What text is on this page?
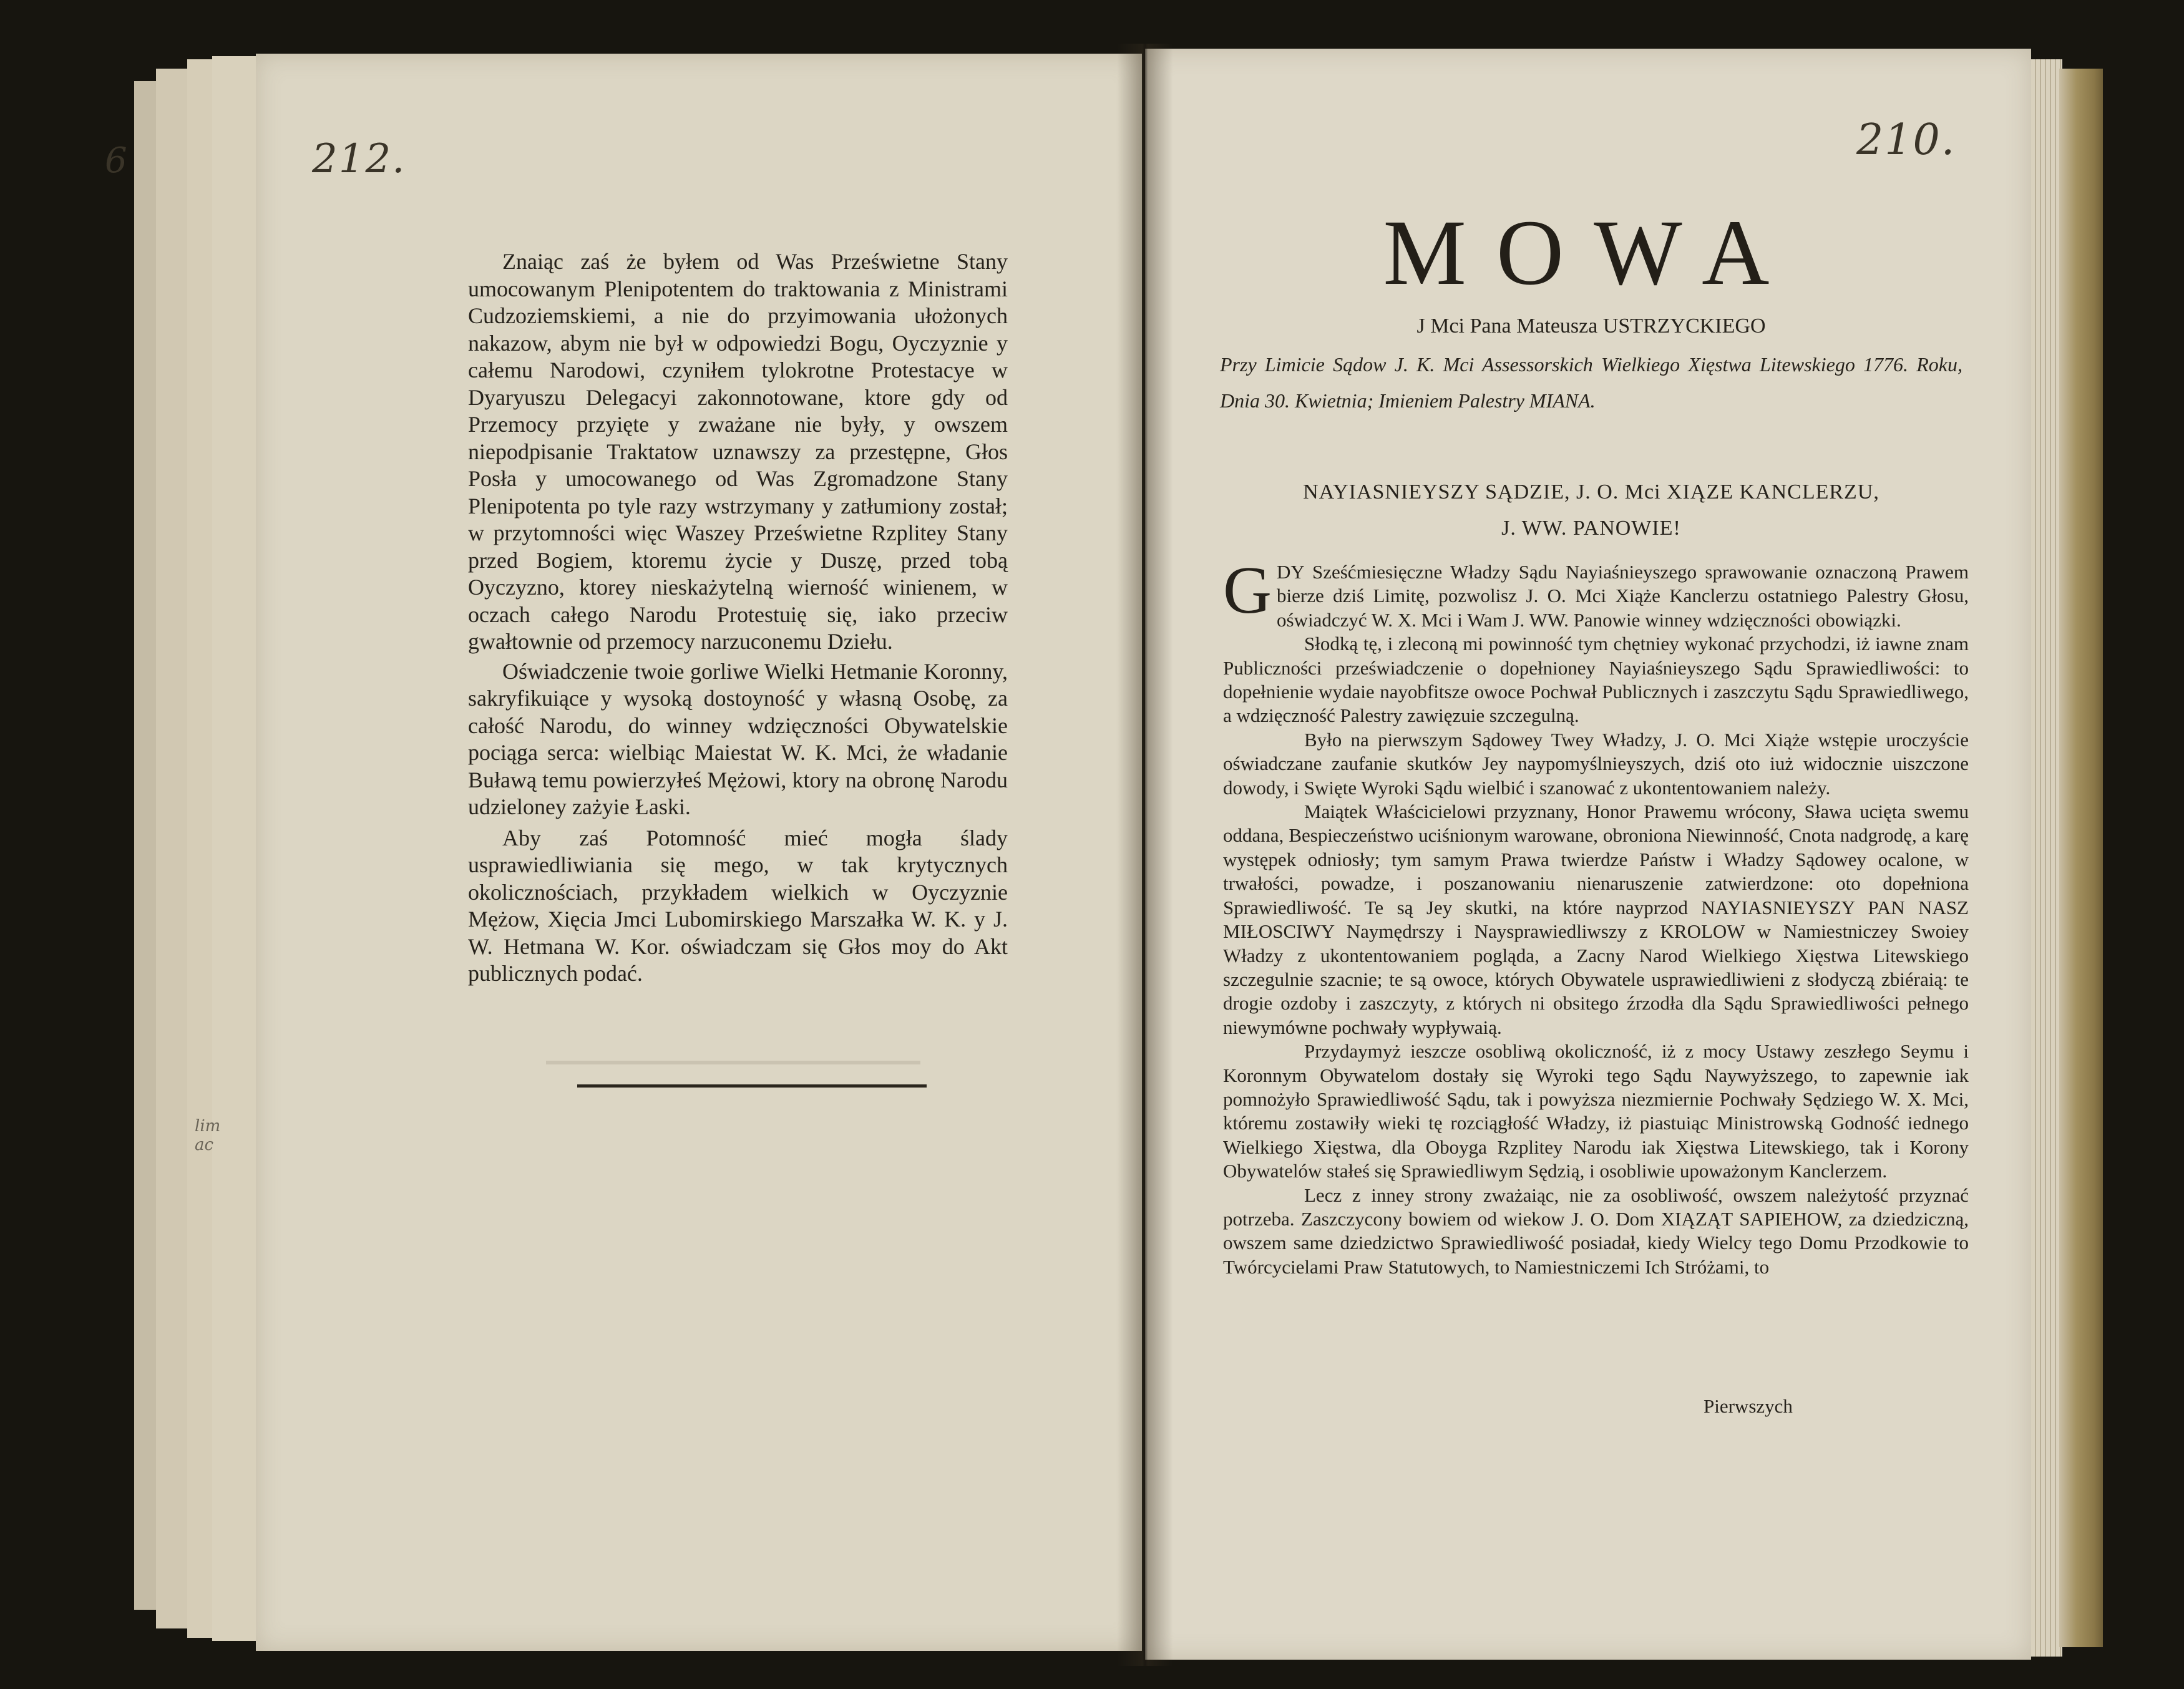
6	212.
lim
ac

Znaiąc zaś że byłem od Was Prześwietne Stany umocowanym Plenipotentem do traktowania z Ministrami Cudzoziemskiemi, a nie do przyimowania ułożonych nakazow, abym nie był w odpowiedzi Bogu, Oyczyznie y całemu Narodowi, czyniłem tylokrotne Protestacye w Dyaryuszu Delegacyi zakonnotowane, ktore gdy od Przemocy przyięte y zważane nie były, y owszem niepodpisanie Traktatow uznawszy za przestępne, Głos Posła y umocowanego od Was Zgromadzone Stany Plenipotenta po tyle razy wstrzymany y zatłumiony został; w przytomności więc Waszey Prześwietne Rzplitey Stany przed Bogiem, ktoremu życie y Duszę, przed tobą Oyczyzno, ktorey nieskażytelną wierność winienem, w oczach całego Narodu Protestuię się, iako przeciw gwałtownie od przemocy narzuconemu Dziełu.

Oświadczenie twoie gorliwe Wielki Hetmanie Koronny, sakryfikuiące y wysoką dostoyność y własną Osobę, za całość Narodu, do winney wdzięczności Obywatelskie pociąga serca: wielbiąc Maiestat W. K. Mci, że władanie Buławą temu powierzyłeś Mężowi, ktory na obronę Narodu udzieloney zażyie Łaski.

Aby zaś Potomność mieć mogła ślady usprawiedliwiania się mego, w tak krytycznych okolicznościach, przykładem wielkich w Oyczyznie Mężow, Xięcia Jmci Lubomirskiego Marszałka W. K. y J. W. Hetmana W. Kor. oświadczam się Głos moy do Akt publicznych podać.

210.
MOWA
J Mci Pana Mateusza USTRZYCKIEGO
Przy Limicie Sądow J. K. Mci Assessorskich Wielkiego Xięstwa Litewskiego 1776. Roku, Dnia 30. Kwietnia; Imieniem Palestry MIANA.
NAYIASNIEYSZY SĄDZIE, J. O. Mci XIĄZE KANCLERZU,
J. WW. PANOWIE!

GDY Sześćmiesięczne Władzy Sądu Nayiaśnieyszego sprawowanie oznaczoną Prawem bierze dziś Limitę, pozwolisz J. O. Mci Xiąże Kanclerzu ostatniego Palestry Głosu, oświadczyć W. X. Mci i Wam J. WW. Panowie winney wdzięczności obowiązki.

Słodką tę, i zleconą mi powinność tym chętniey wykonać przychodzi, iż iawne znam Publiczności przeświadczenie o dopełnioney Nayiaśnieyszego Sądu Sprawiedliwości: to dopełnienie wydaie nayobfitsze owoce Pochwał Publicznych i zaszczytu Sądu Sprawiedliwego, a wdzięczność Palestry zawięzuie szczegulną.

Było na pierwszym Sądowey Twey Władzy, J. O. Mci Xiąże wstępie uroczyście oświadczane zaufanie skutków Jey naypomyślnieyszych, dziś oto iuż widocznie uiszczone dowody, i Swięte Wyroki Sądu wielbić i szanować z ukontentowaniem należy.

Maiątek Właścicielowi przyznany, Honor Prawemu wrócony, Sława ucięta swemu oddana, Bespieczeństwo uciśnionym warowane, obroniona Niewinność, Cnota nadgrodę, a karę występek odniosły; tym samym Prawa twierdze Państw i Władzy Sądowey ocalone, w trwałości, powadze, i poszanowaniu nienaruszenie zatwierdzone: oto dopełniona Sprawiedliwość. Te są Jey skutki, na które nayprzod NAYIASNIEYSZY PAN NASZ MIŁOSCIWY Naymędrszy i Naysprawiedliwszy z KROLOW w Namiestniczey Swoiey Władzy z ukontentowaniem pogląda, a Zacny Narod Wielkiego Xięstwa Litewskiego szczegulnie szacnie; te są owoce, których Obywatele usprawiedliwieni z słodyczą zbiéraią: te drogie ozdoby i zaszczyty, z których ni obsitego źrzodła dla Sądu Sprawiedliwości pełnego niewymówne pochwały wypływaią.

Przydaymyż ieszcze osobliwą okoliczność, iż z mocy Ustawy zeszłego Seymu i Koronnym Obywatelom dostały się Wyroki tego Sądu Naywyższego, to zapewnie iak pomnożyło Sprawiedliwość Sądu, tak i powyższa niezmiernie Pochwały Sędziego W. X. Mci, któremu zostawiły wieki tę rozciągłość Władzy, iż piastuiąc Ministrowską Godność iednego Wielkiego Xięstwa, dla Oboyga Rzplitey Narodu iak Xięstwa Litewskiego, tak i Korony Obywatelów stałeś się Sprawiedliwym Sędzią, i osobliwie upoważonym Kanclerzem.

Lecz z inney strony zważaiąc, nie za osobliwość, owszem należytość przyznać potrzeba. Zaszczycony bowiem od wiekow J. O. Dom XIĄZĄT SAPIEHOW, za dziedziczną, owszem same dziedzictwo Sprawiedliwość posiadał, kiedy Wielcy tego Domu Przodkowie to Twórcycielami Praw Statutowych, to Namiestniczemi Ich Stróżami, to

Pierwszych
